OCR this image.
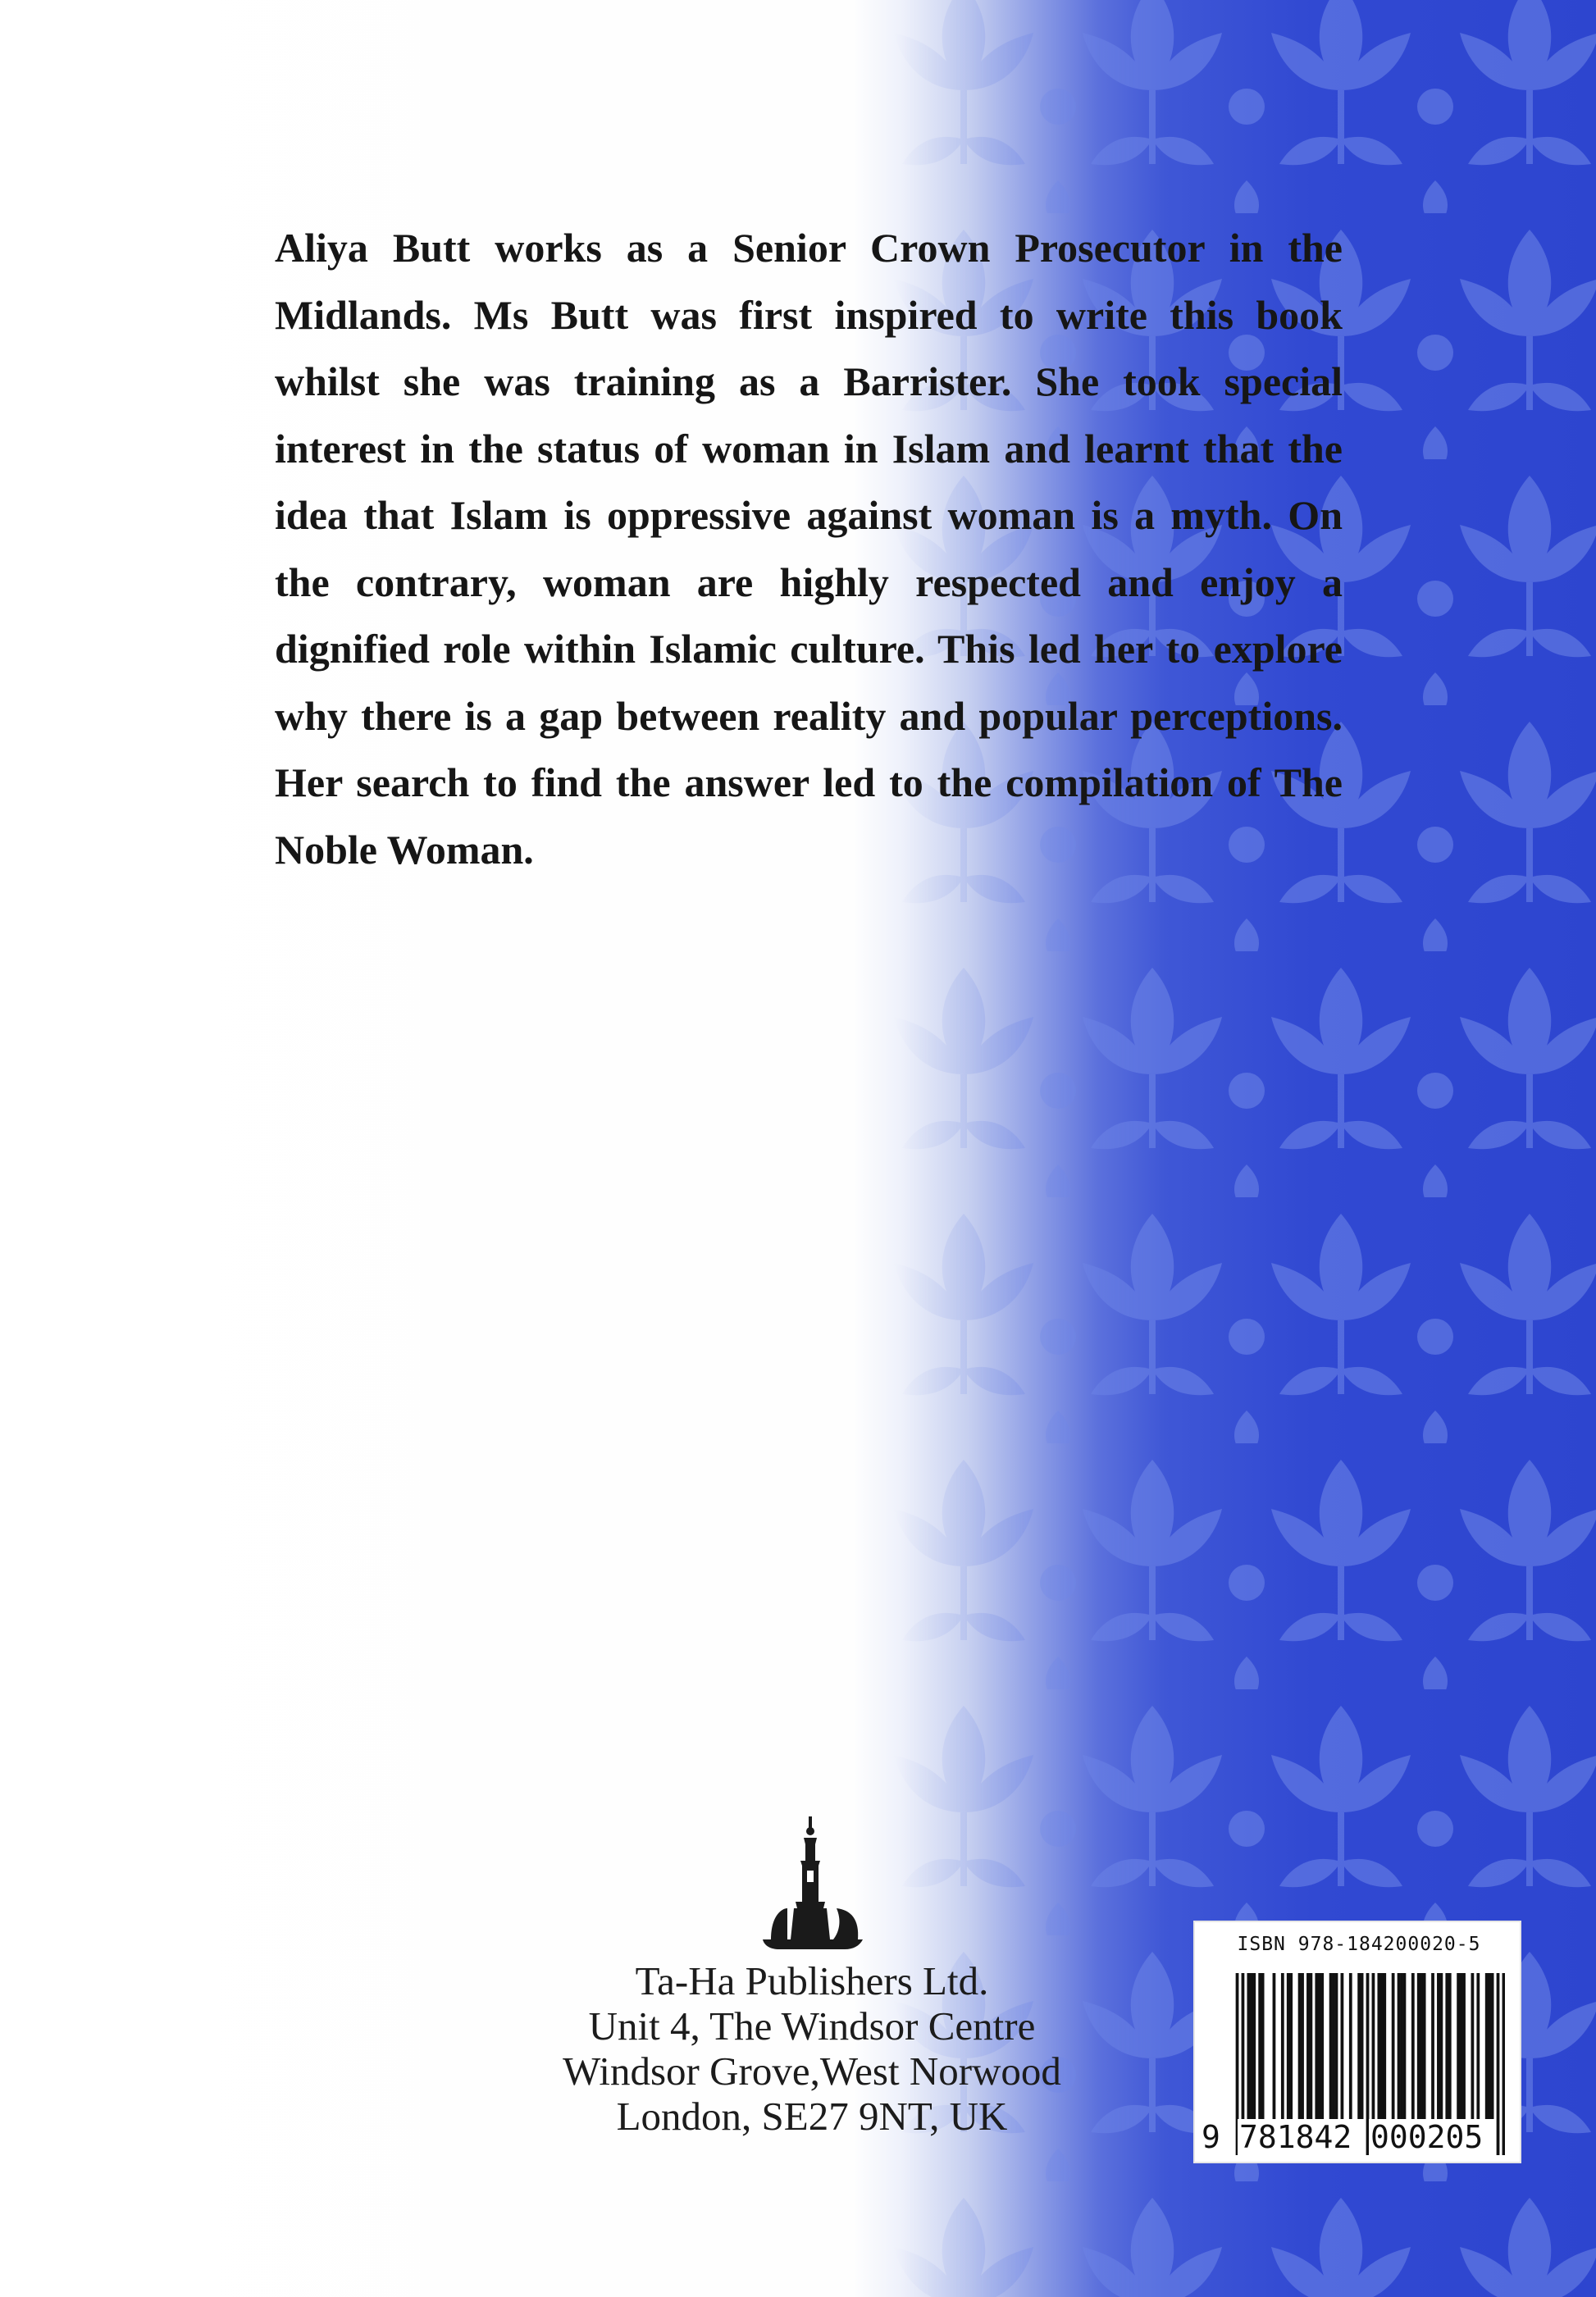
Aliya Butt works as a Senior Crown Prosecutor in the Midlands. Ms Butt was first inspired to write this book whilst she was training as a Barrister. She took special interest in the status of woman in Islam and learnt that the idea that Islam is oppressive against woman is a myth. On the contrary, woman are highly respected and enjoy a dignified role within Islamic culture. This led her to explore why there is a gap between reality and popular perceptions. Her search to find the answer led to the compilation of The Noble Woman.

Ta-Ha Publishers Ltd.
Unit 4, The Windsor Centre
Windsor Grove,West Norwood
London, SE27 9NT, UK
ISBN 978-184200020-5
9 781842 000205
